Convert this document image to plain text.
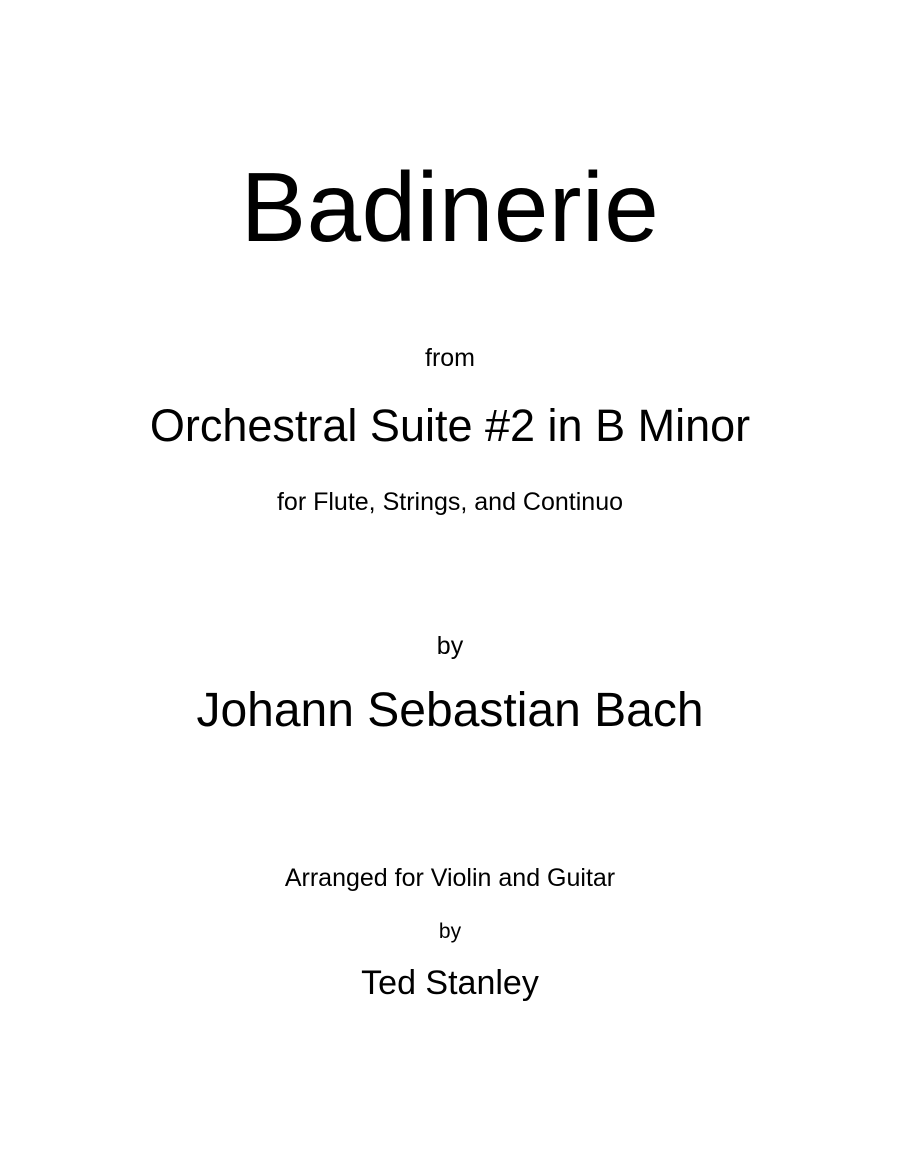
Badinerie
from
Orchestral Suite #2 in B Minor
for Flute, Strings, and Continuo
by
Johann Sebastian Bach
Arranged for Violin and Guitar
by
Ted Stanley
